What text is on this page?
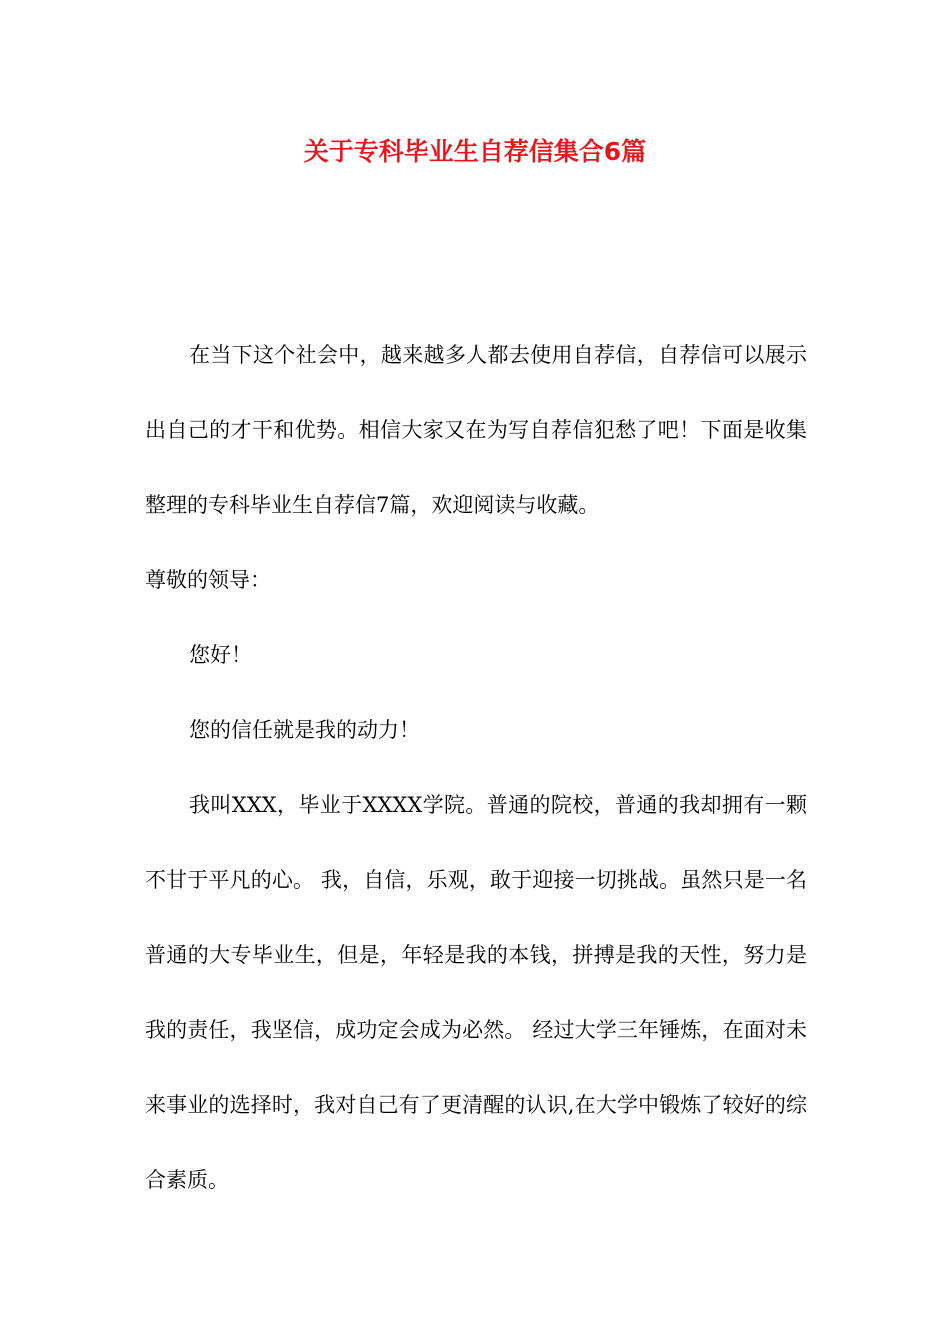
关于专科毕业生自荐信集合6篇

在当下这个社会中，越来越多人都去使用自荐信，自荐信可以展示出自己的才干和优势。相信大家又在为写自荐信犯愁了吧！下面是收集整理的专科毕业生自荐信7篇，欢迎阅读与收藏。

尊敬的领导：

您好！

您的信任就是我的动力！

我叫XXX，毕业于XXXX学院。普通的院校，普通的我却拥有一颗不甘于平凡的心。 我，自信，乐观，敢于迎接一切挑战。虽然只是一名普通的大专毕业生，但是，年轻是我的本钱，拼搏是我的天性，努力是我的责任，我坚信，成功定会成为必然。 经过大学三年锤炼，在面对未来事业的选择时，我对自己有了更清醒的认识,在大学中锻炼了较好的综合素质。
